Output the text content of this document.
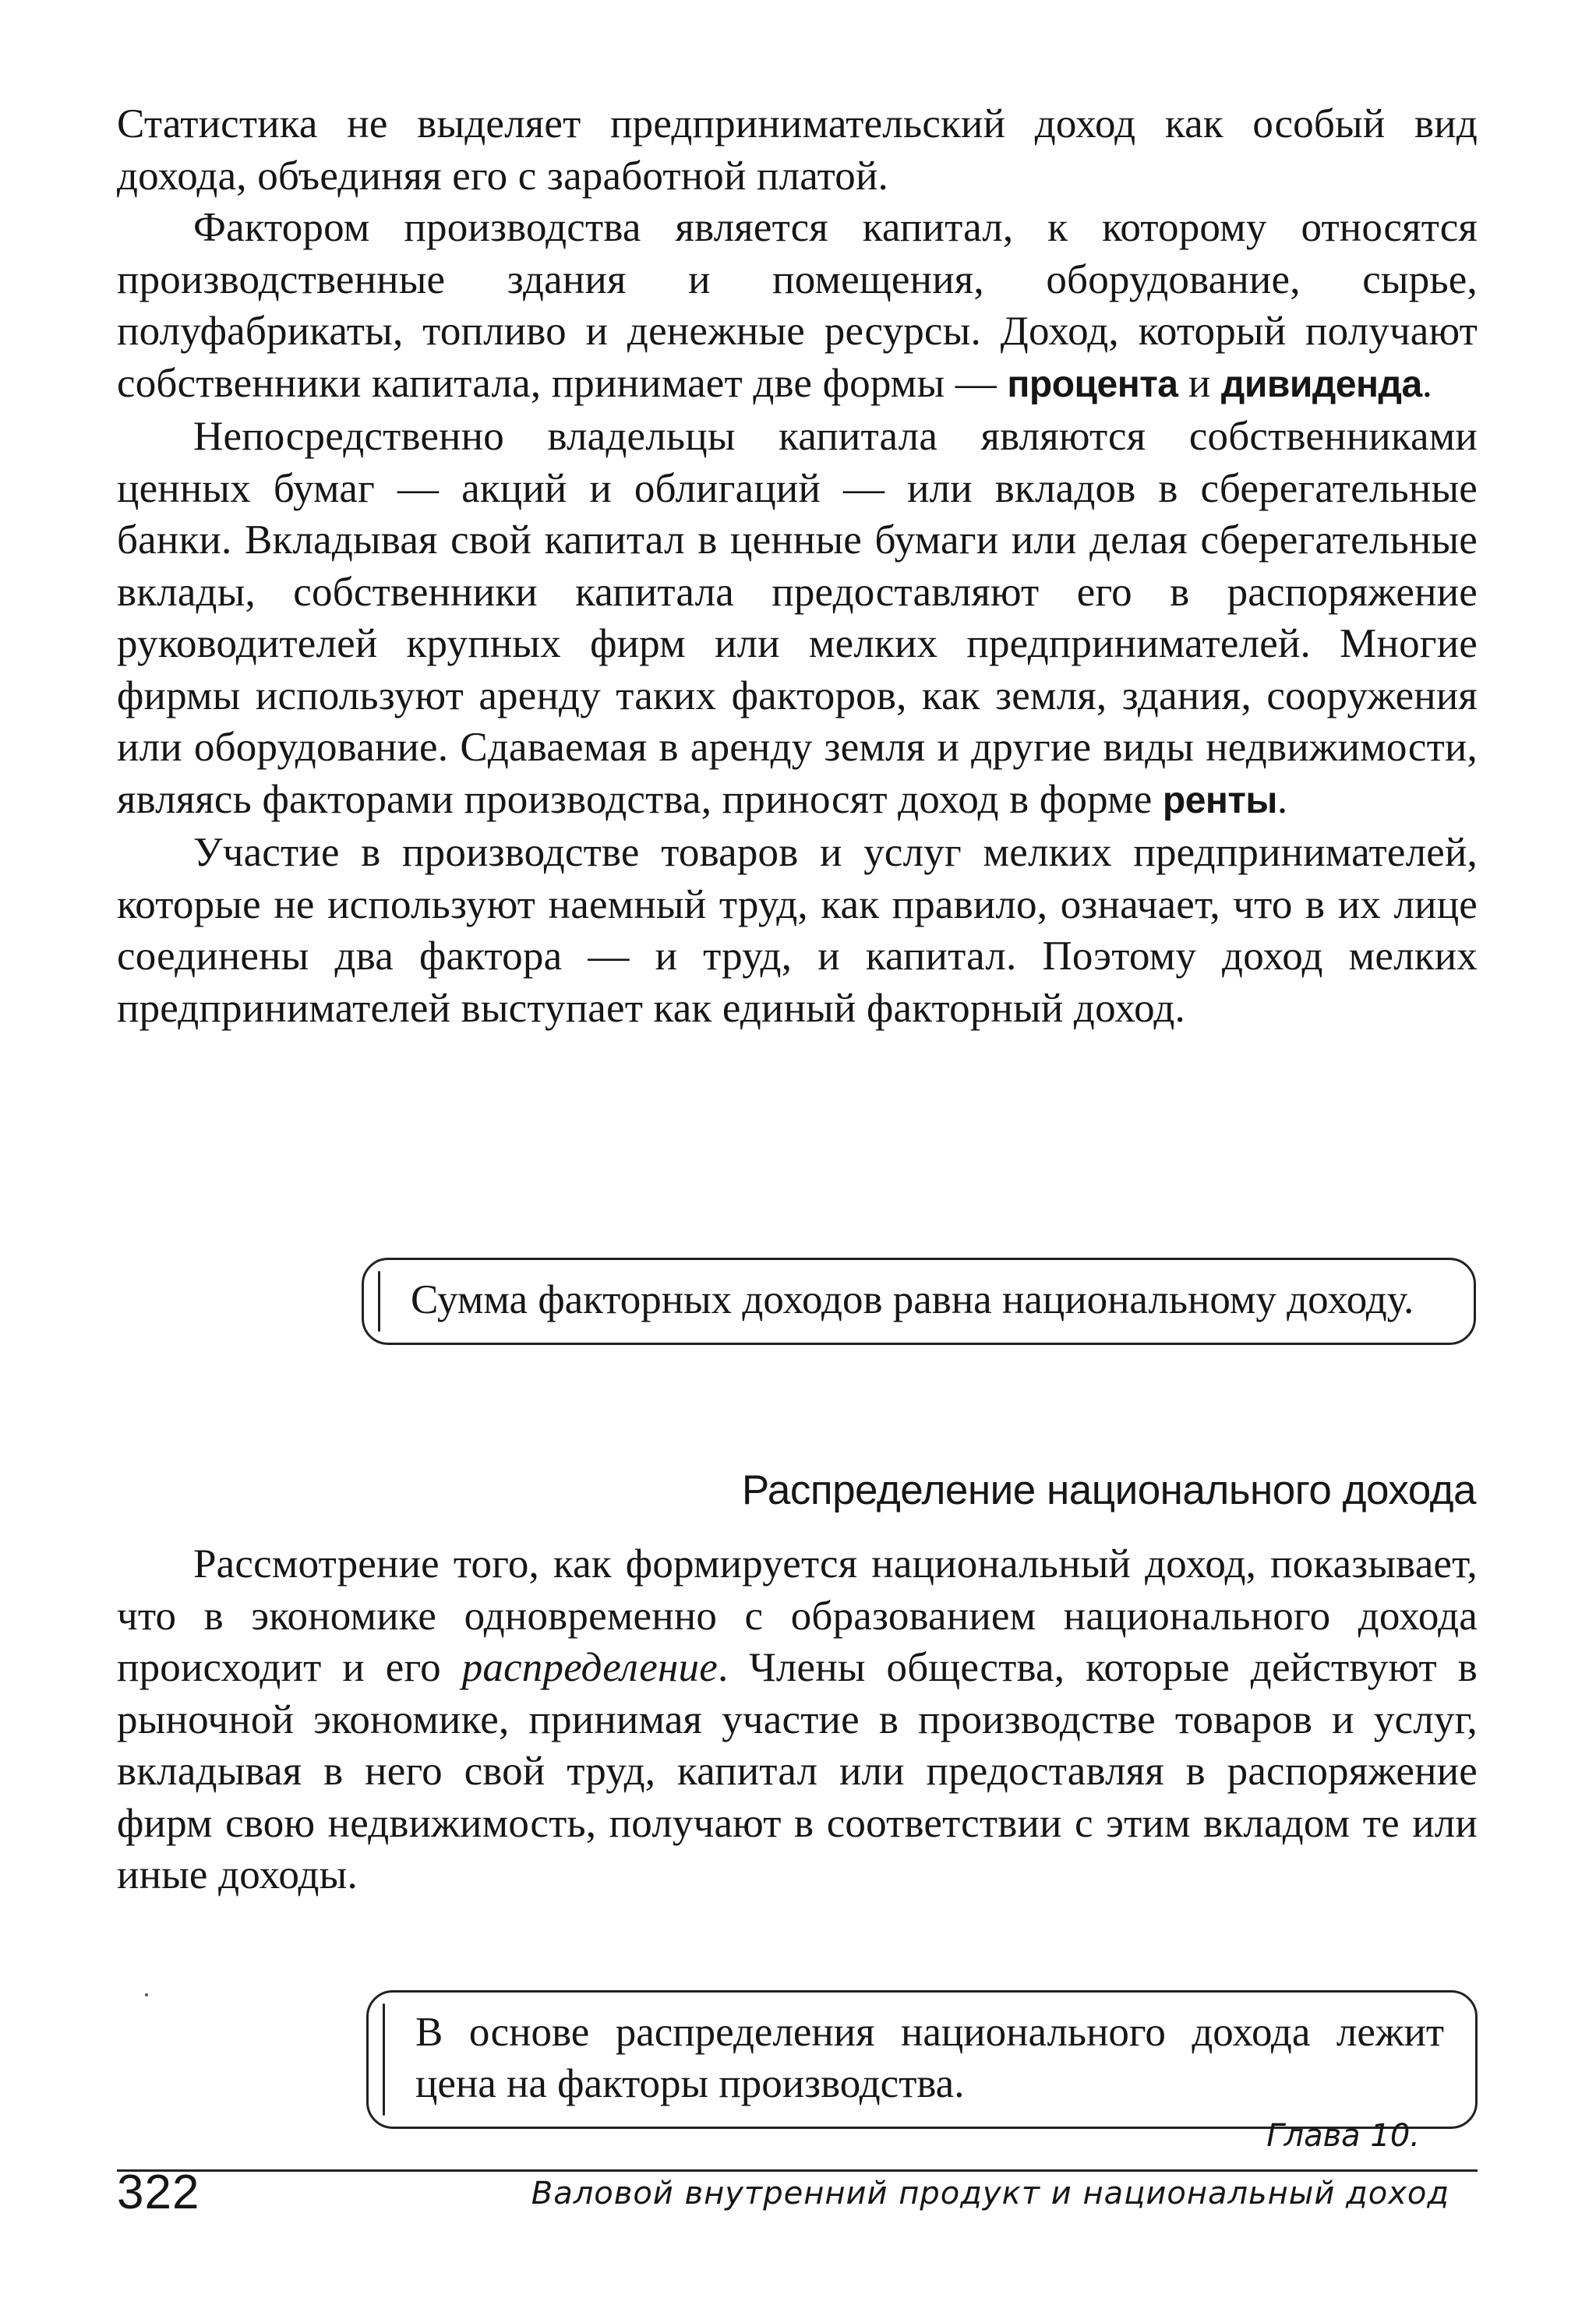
Статистика не выделяет предпринимательский доход как особый вид дохода, объединяя его с заработной платой.

Фактором производства является капитал, к которому относятся производственные здания и помещения, оборудование, сырье, полуфабрикаты, топливо и денежные ресурсы. Доход, который получают собственники капитала, принимает две формы — процента и дивиденда.

Непосредственно владельцы капитала являются собственниками ценных бумаг — акций и облигаций — или вкладов в сберегательные банки. Вкладывая свой капитал в ценные бумаги или делая сберегательные вклады, собственники капитала предоставляют его в распоряжение руководителей крупных фирм или мелких предпринимателей. Многие фирмы используют аренду таких факторов, как земля, здания, сооружения или оборудование. Сдаваемая в аренду земля и другие виды недвижимости, являясь факторами производства, приносят доход в форме ренты.

Участие в производстве товаров и услуг мелких предпринимателей, которые не используют наемный труд, как правило, означает, что в их лице соединены два фактора — и труд, и капитал. Поэтому доход мелких предпринимателей выступает как единый факторный доход.

Сумма факторных доходов равна национальному доходу.
Распределение национального дохода

Рассмотрение того, как формируется национальный доход, показывает, что в экономике одновременно с образованием национального дохода происходит и его распределение. Члены общества, которые действуют в рыночной экономике, принимая участие в производстве товаров и услуг, вкладывая в него свой труд, капитал или предоставляя в распоряжение фирм свою недвижимость, получают в соответствии с этим вкладом те или иные доходы.

В основе распределения национального дохода лежит цена на факторы производства.
Глава 10.
322	Валовой внутренний продукт и национальный доход
